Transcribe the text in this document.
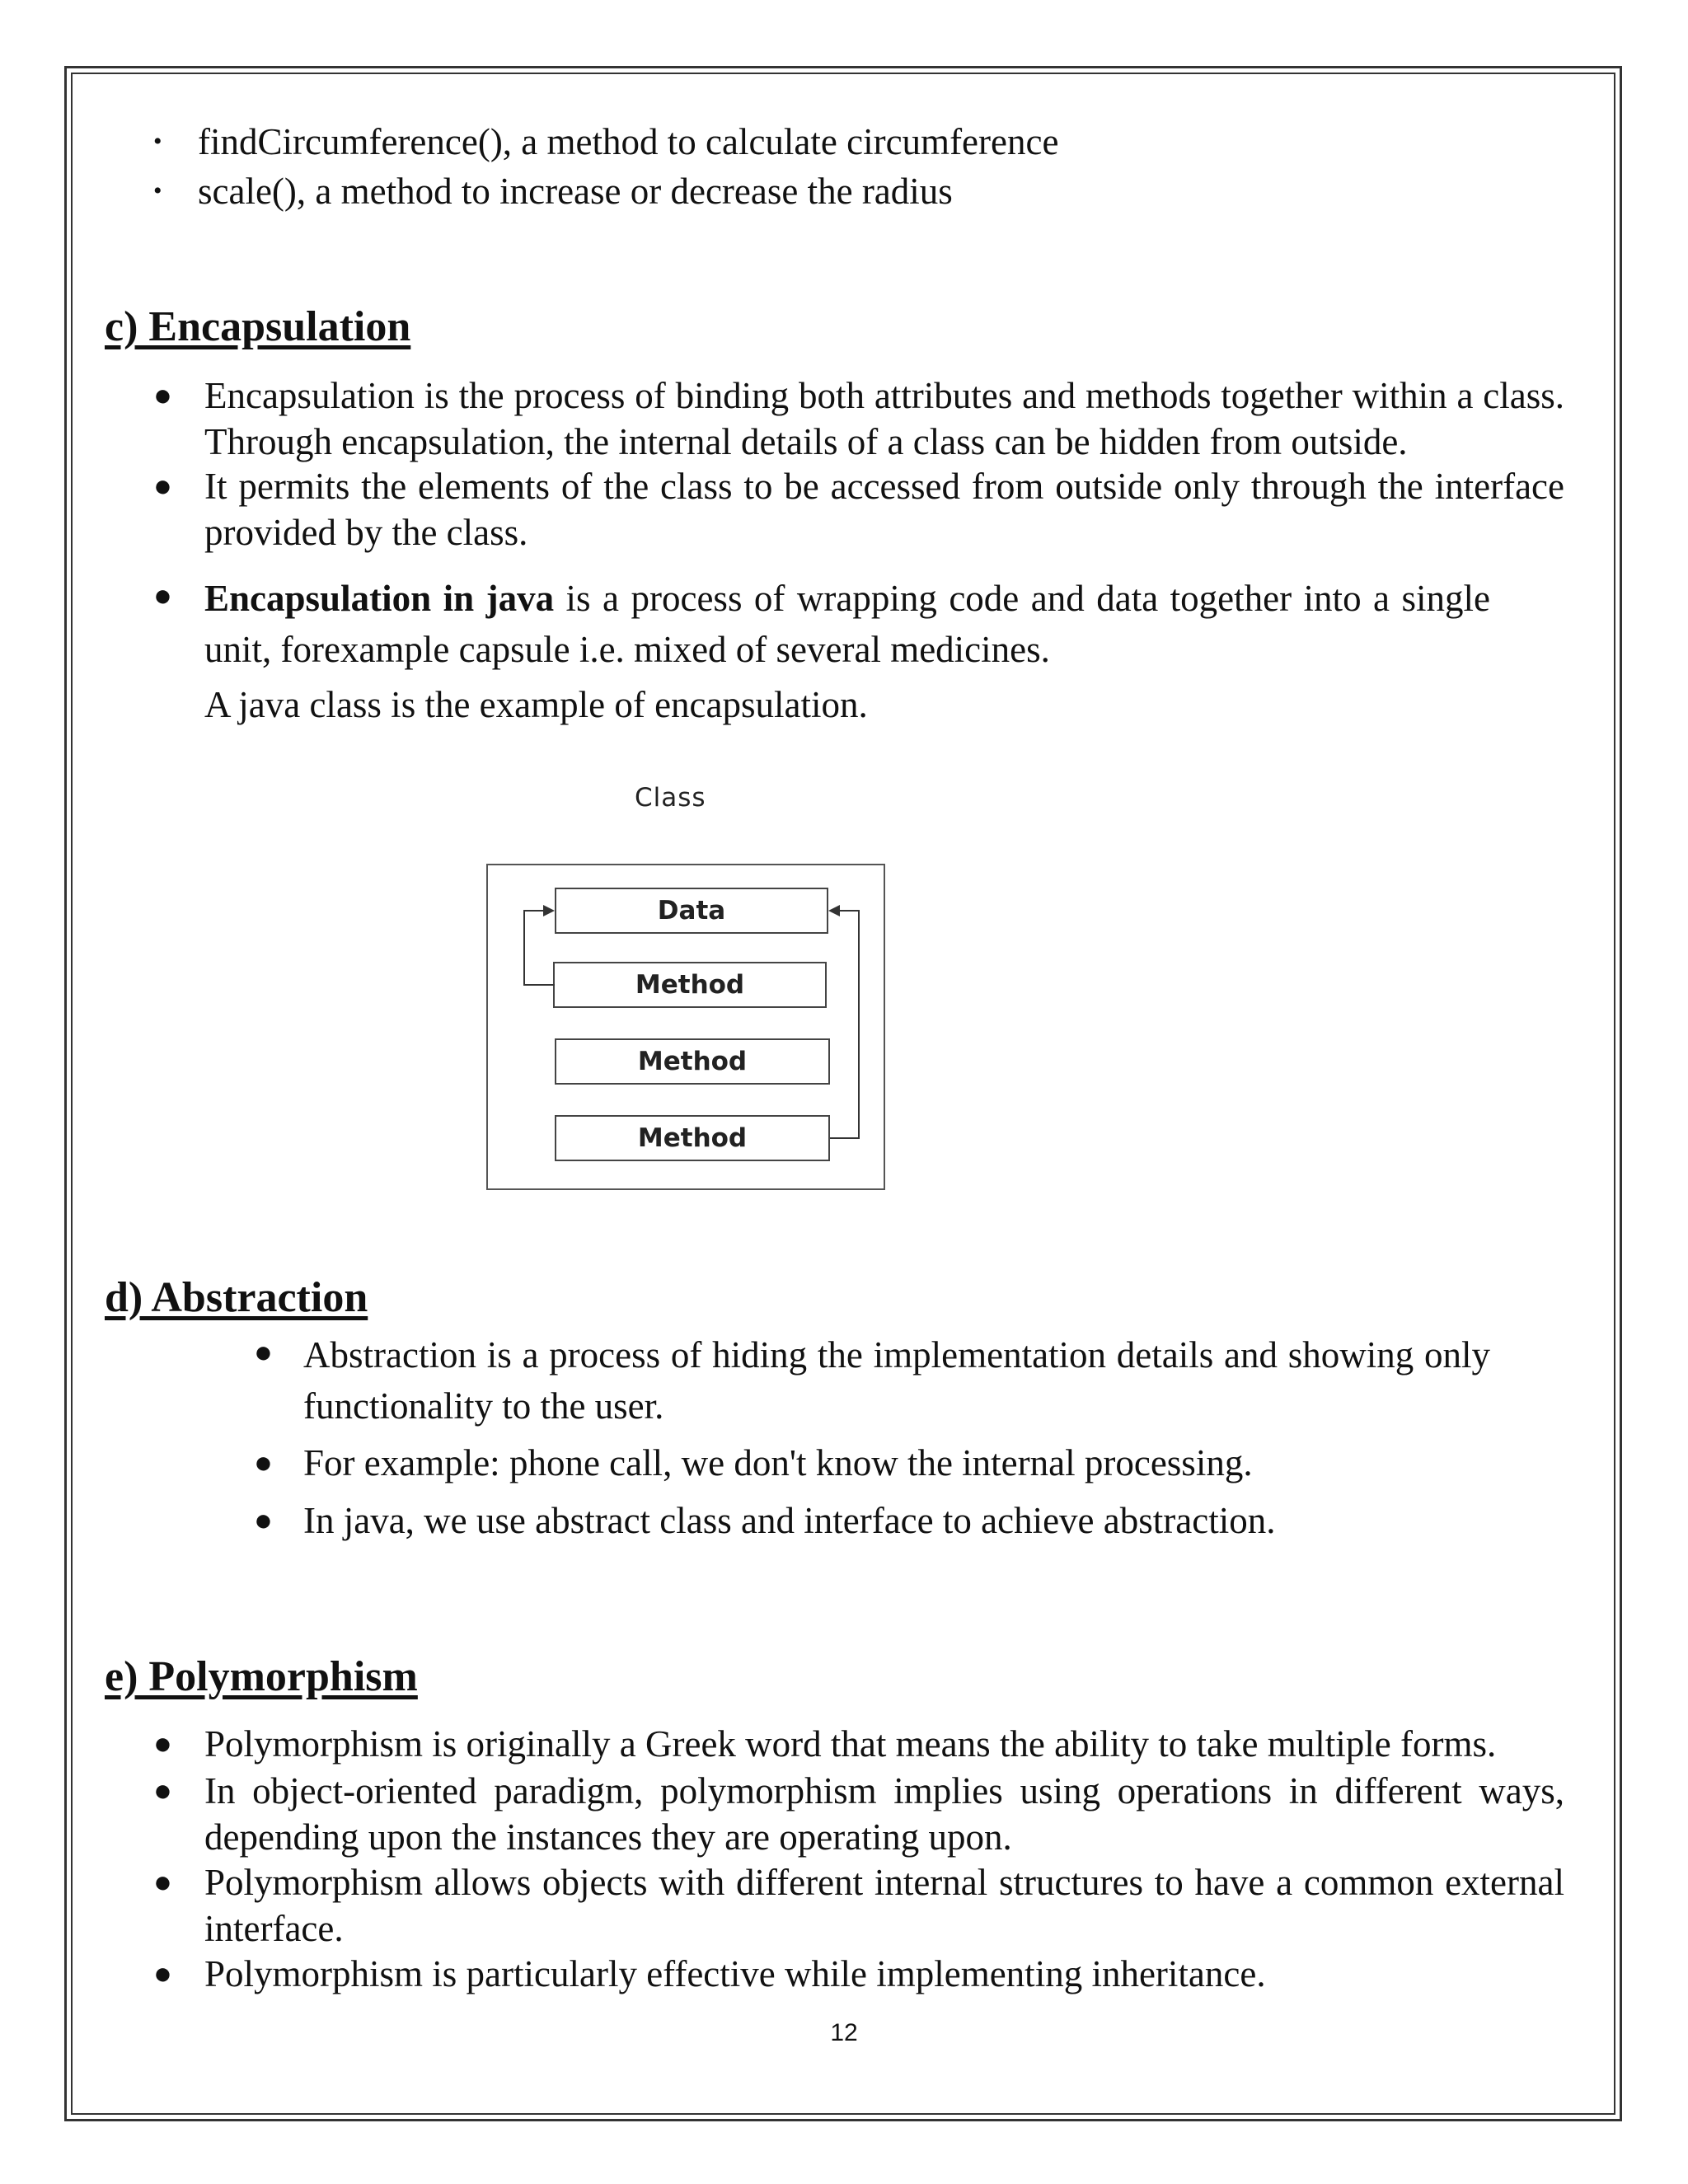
• findCircumference(), a method to calculate circumference
• scale(), a method to increase or decrease the radius
c) Encapsulation
● Encapsulation is the process of binding both attributes and methods together within a class. Through encapsulation, the internal details of a class can be hidden from outside.
● It permits the elements of the class to be accessed from outside only through the interface provided by the class.
● Encapsulation in java is a process of wrapping code and data together into a single unit, forexample capsule i.e. mixed of several medicines.
A java class is the example of encapsulation.
Class
Data
Method
Method
Method
d) Abstraction
● Abstraction is a process of hiding the implementation details and showing only functionality to the user.
● For example: phone call, we don't know the internal processing.
● In java, we use abstract class and interface to achieve abstraction.
e) Polymorphism
● Polymorphism is originally a Greek word that means the ability to take multiple forms.
● In object-oriented paradigm, polymorphism implies using operations in different ways, depending upon the instances they are operating upon.
● Polymorphism allows objects with different internal structures to have a common external interface.
● Polymorphism is particularly effective while implementing inheritance.
12
